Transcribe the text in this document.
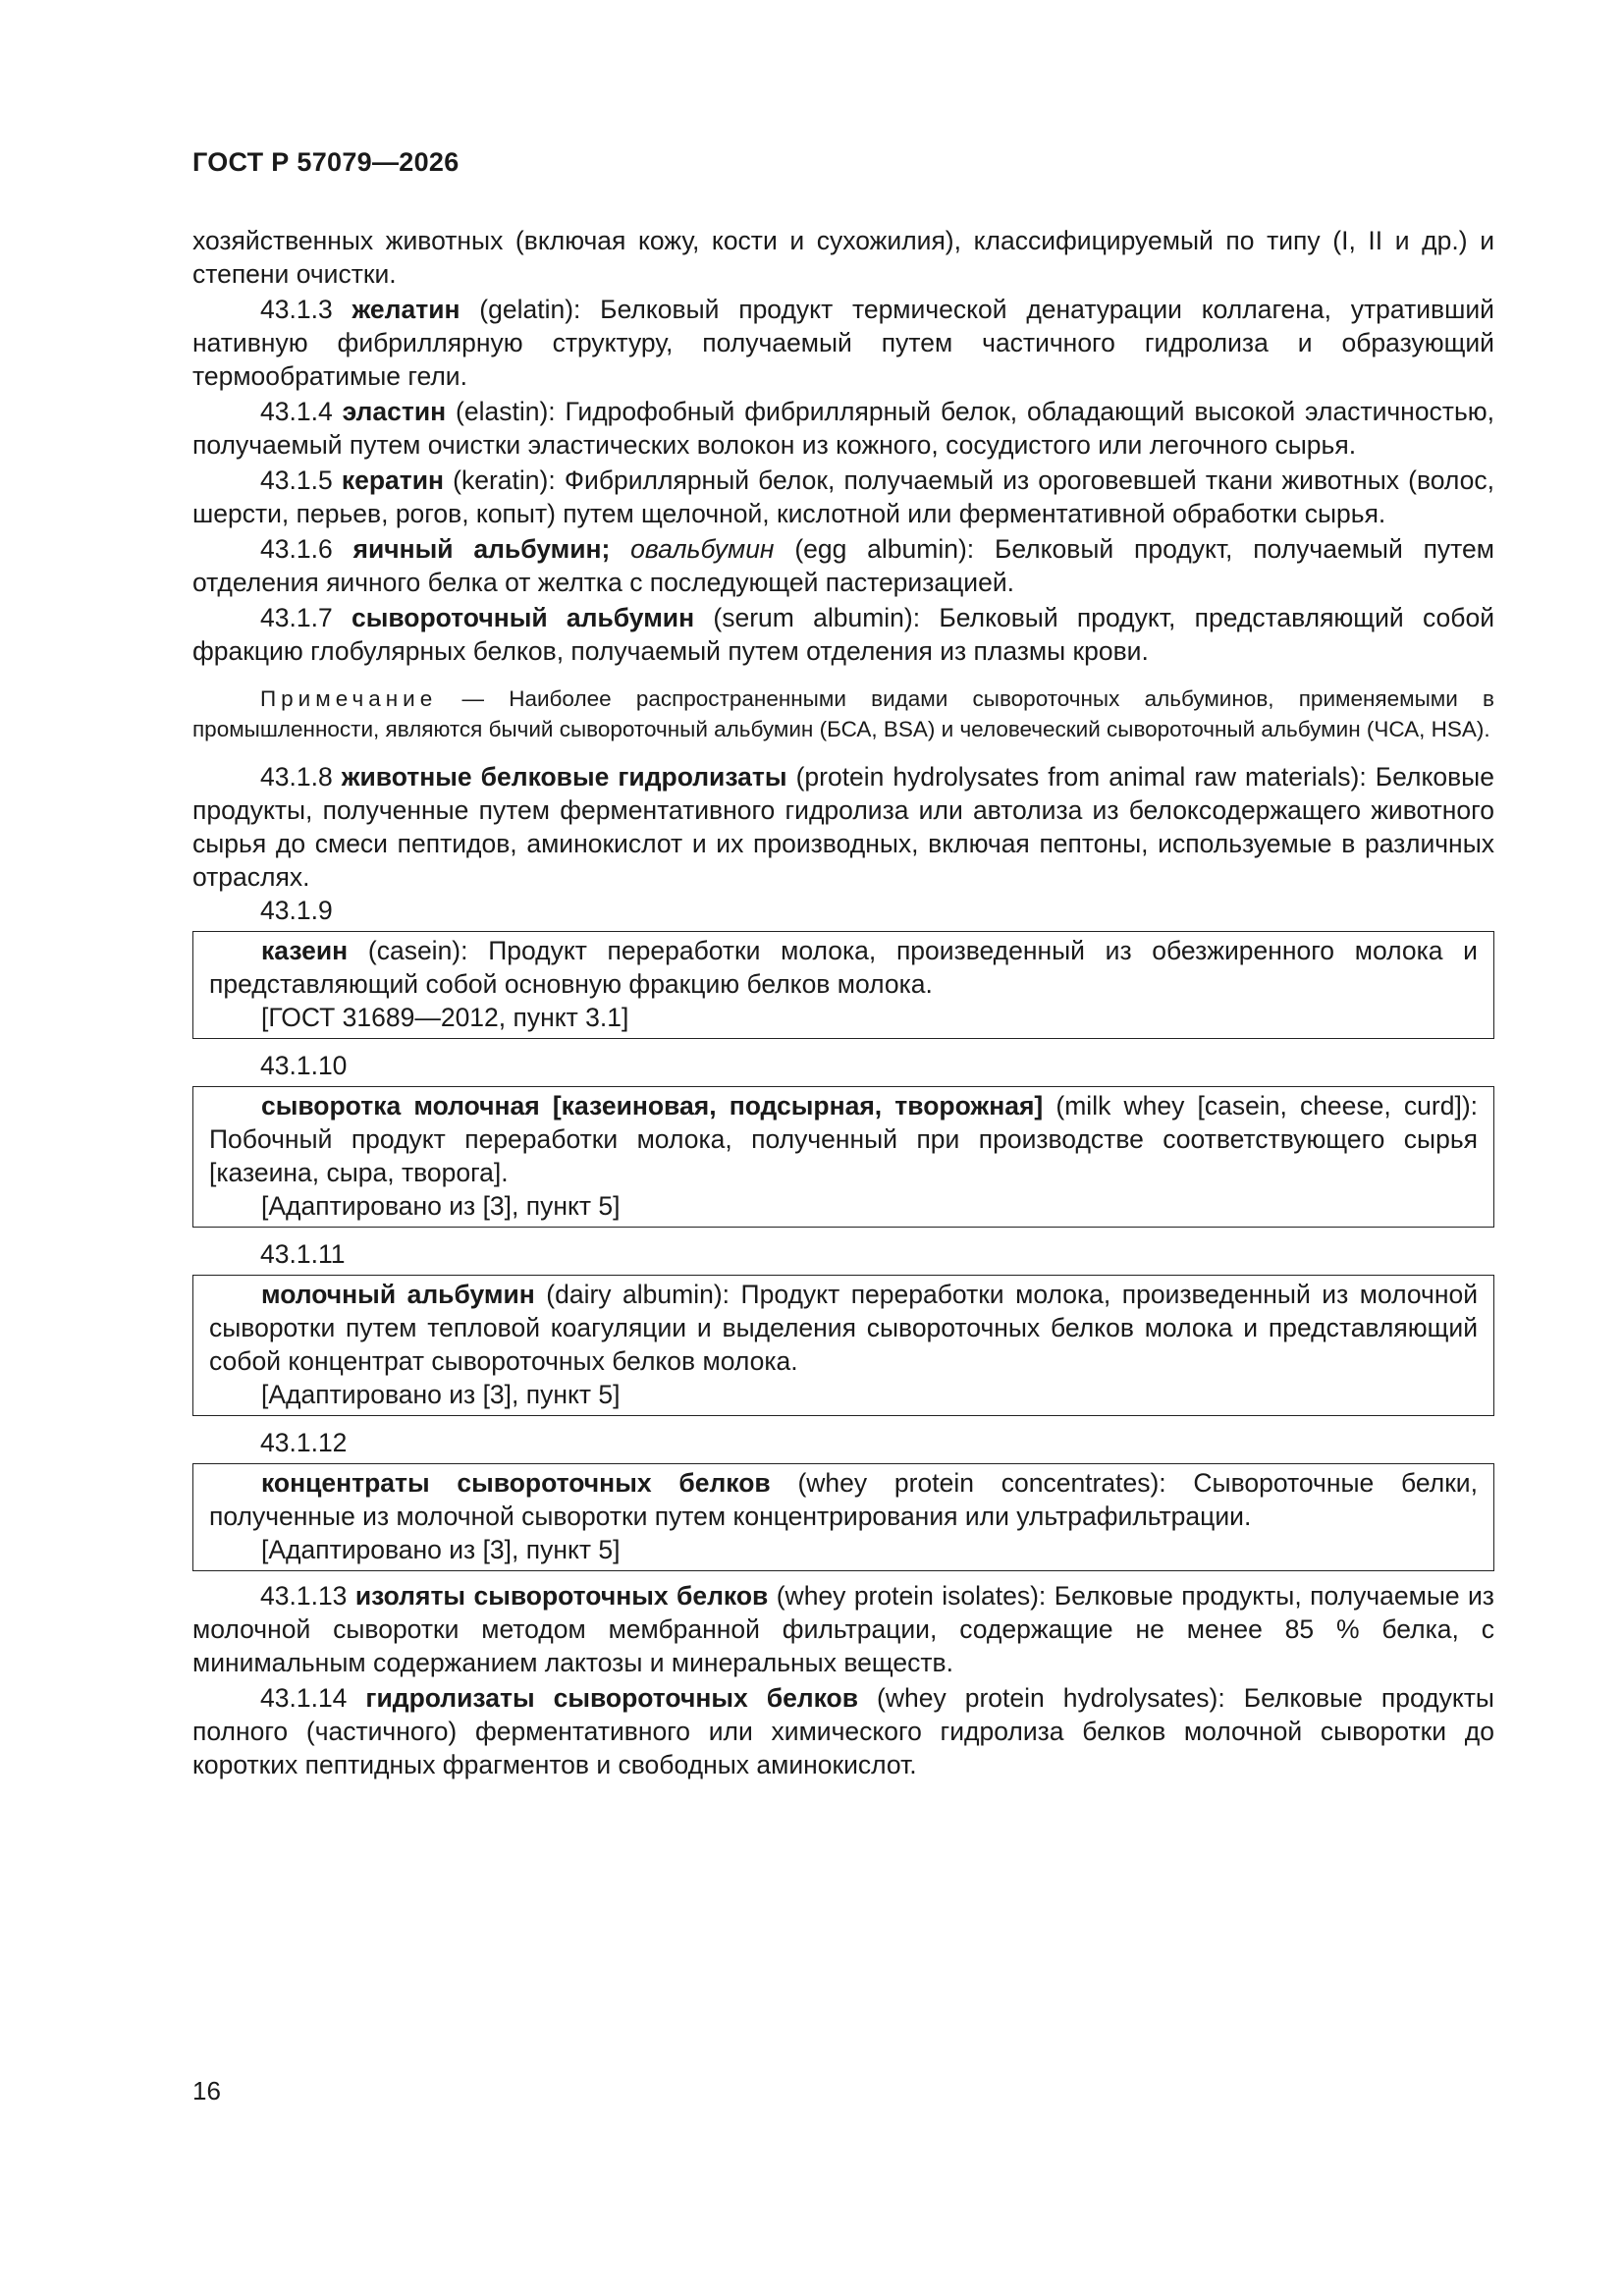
ГОСТ Р 57079—2026

хозяйственных животных (включая кожу, кости и сухожилия), классифицируемый по типу (I, II и др.) и степени очистки.

43.1.3 желатин (gelatin): Белковый продукт термической денатурации коллагена, утративший нативную фибриллярную структуру, получаемый путем частичного гидролиза и образующий термообратимые гели.

43.1.4 эластин (elastin): Гидрофобный фибриллярный белок, обладающий высокой эластичностью, получаемый путем очистки эластических волокон из кожного, сосудистого или легочного сырья.

43.1.5 кератин (keratin): Фибриллярный белок, получаемый из ороговевшей ткани животных (волос, шерсти, перьев, рогов, копыт) путем щелочной, кислотной или ферментативной обработки сырья.

43.1.6 яичный альбумин; овальбумин (egg albumin): Белковый продукт, получаемый путем отделения яичного белка от желтка с последующей пастеризацией.

43.1.7 сывороточный альбумин (serum albumin): Белковый продукт, представляющий собой фракцию глобулярных белков, получаемый путем отделения из плазмы крови.

Примечание — Наиболее распространенными видами сывороточных альбуминов, применяемыми в промышленности, являются бычий сывороточный альбумин (БСА, BSA) и человеческий сывороточный альбумин (ЧСА, HSA).

43.1.8 животные белковые гидролизаты (protein hydrolysates from animal raw materials): Белковые продукты, полученные путем ферментативного гидролиза или автолиза из белоксодержащего животного сырья до смеси пептидов, аминокислот и их производных, включая пептоны, используемые в различных отраслях.

43.1.9

казеин (casein): Продукт переработки молока, произведенный из обезжиренного молока и представляющий собой основную фракцию белков молока.

[ГОСТ 31689—2012, пункт 3.1]

43.1.10

сыворотка молочная [казеиновая, подсырная, творожная] (milk whey [casein, cheese, curd]): Побочный продукт переработки молока, полученный при производстве соответствующего сырья [казеина, сыра, творога].

[Адаптировано из [3], пункт 5]

43.1.11

молочный альбумин (dairy albumin): Продукт переработки молока, произведенный из молочной сыворотки путем тепловой коагуляции и выделения сывороточных белков молока и представляющий собой концентрат сывороточных белков молока.

[Адаптировано из [3], пункт 5]

43.1.12

концентраты сывороточных белков (whey protein concentrates): Сывороточные белки, полученные из молочной сыворотки путем концентрирования или ультрафильтрации.

[Адаптировано из [3], пункт 5]

43.1.13 изоляты сывороточных белков (whey protein isolates): Белковые продукты, получаемые из молочной сыворотки методом мембранной фильтрации, содержащие не менее 85 % белка, с минимальным содержанием лактозы и минеральных веществ.

43.1.14 гидролизаты сывороточных белков (whey protein hydrolysates): Белковые продукты полного (частичного) ферментативного или химического гидролиза белков молочной сыворотки до коротких пептидных фрагментов и свободных аминокислот.

16
